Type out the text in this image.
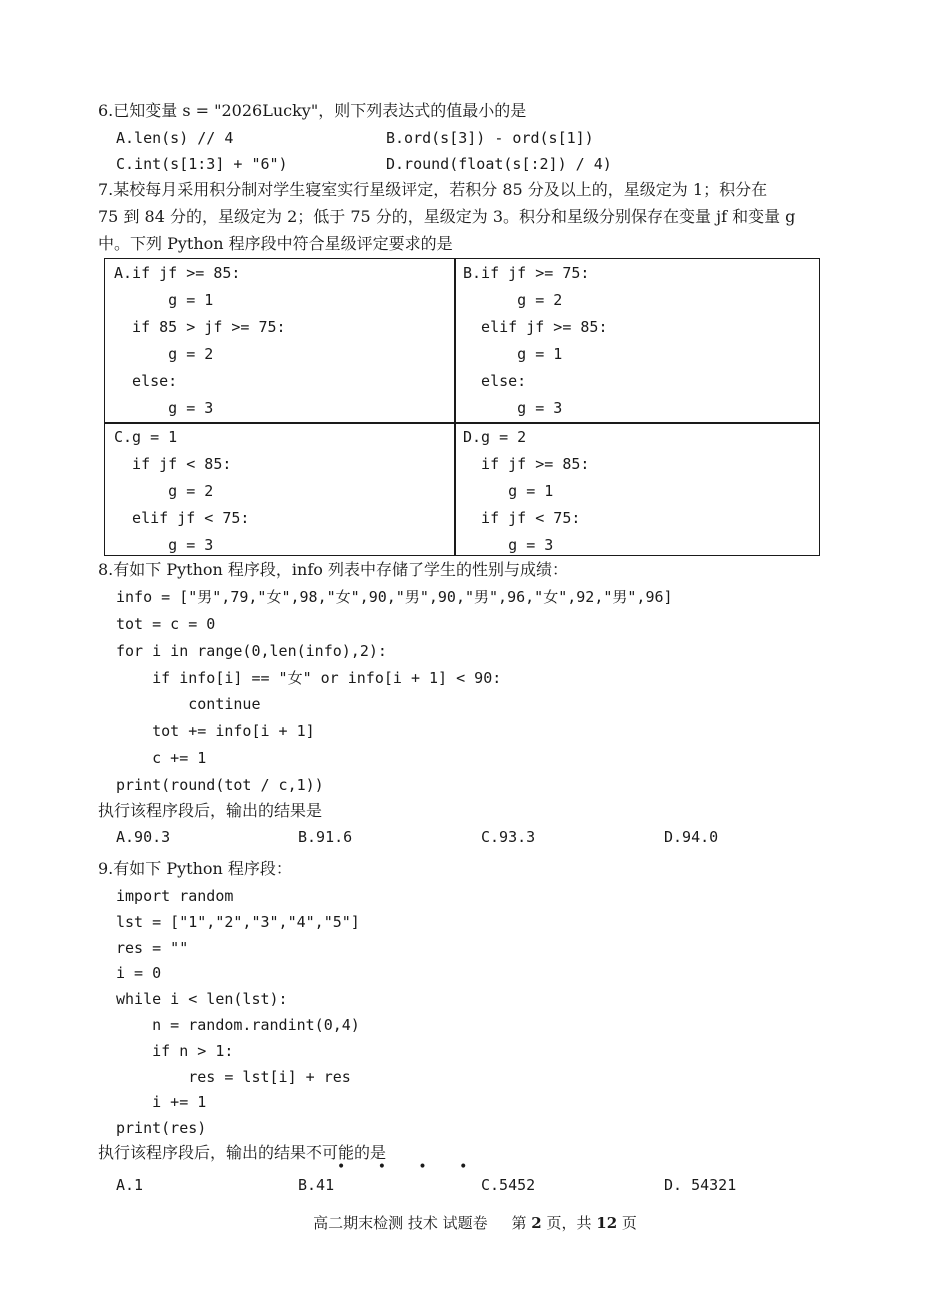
6.已知变量 s = "2026Lucky"，则下列表达式的值最小的是
A.len(s) // 4	B.ord(s[3]) - ord(s[1])
C.int(s[1:3] + "6")	D.round(float(s[:2]) / 4)
7.某校每月采用积分制对学生寝室实行星级评定，若积分 85 分及以上的，星级定为 1；积分在
75 到 84 分的，星级定为 2；低于 75 分的，星级定为 3。积分和星级分别保存在变量 jf 和变量 g
中。下列 Python 程序段中符合星级评定要求的是
A.if jf >= 85:
g = 1
if 85 > jf >= 75:
g = 2
else:
g = 3
B.if jf >= 75:
g = 2
elif jf >= 85:
g = 1
else:
g = 3
C.g = 1
if jf < 85:
g = 2
elif jf < 75:
g = 3
D.g = 2
if jf >= 85:
g = 1
if jf < 75:
g = 3
8.有如下 Python 程序段，info 列表中存储了学生的性别与成绩：
info = ["男",79,"女",98,"女",90,"男",90,"男",96,"女",92,"男",96]
tot = c = 0
for i in range(0,len(info),2):
if info[i] == "女" or info[i + 1] < 90:
continue
tot += info[i + 1]
c += 1
print(round(tot / c,1))
执行该程序段后，输出的结果是
A.90.3	B.91.6	C.93.3	D.94.0
9.有如下 Python 程序段：
import random
lst = ["1","2","3","4","5"]
res = ""
i = 0
while i < len(lst):
n = random.randint(0,4)
if n > 1:
res = lst[i] + res
i += 1
print(res)
执行该程序段后，输出的结果不可能的是
• • • •
A.1	B.41	C.5452	D. 54321
高二期末检测 技术 试题卷 第 2 页，共 12 页
